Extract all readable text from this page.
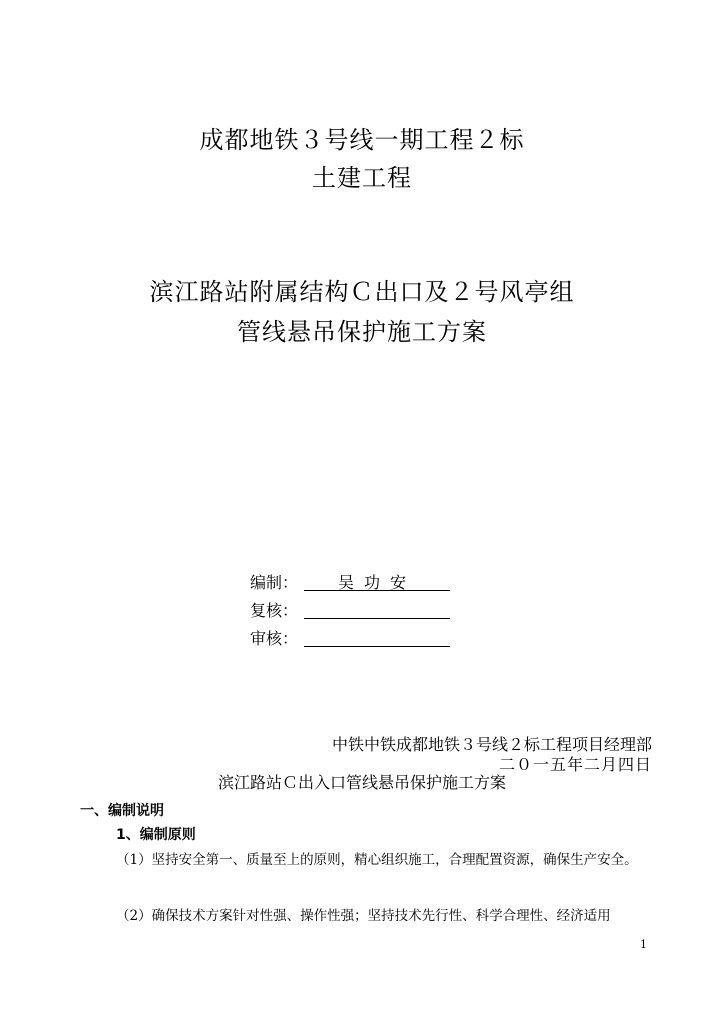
成都地铁３号线一期工程２标
土建工程
滨江路站附属结构Ｃ出口及２号风亭组
管线悬吊保护施工方案
编制：	吴功安
复核：
审核：
中铁中铁成都地铁３号线２标工程项目经理部
二０一五年二月四日
滨江路站Ｃ出入口管线悬吊保护施工方案
一、编制说明
1、编制原则
（1）坚持安全第一、质量至上的原则，精心组织施工，合理配置资源，确保生产安全。
（2）确保技术方案针对性强、操作性强；坚持技术先行性、科学合理性、经济适用
1
